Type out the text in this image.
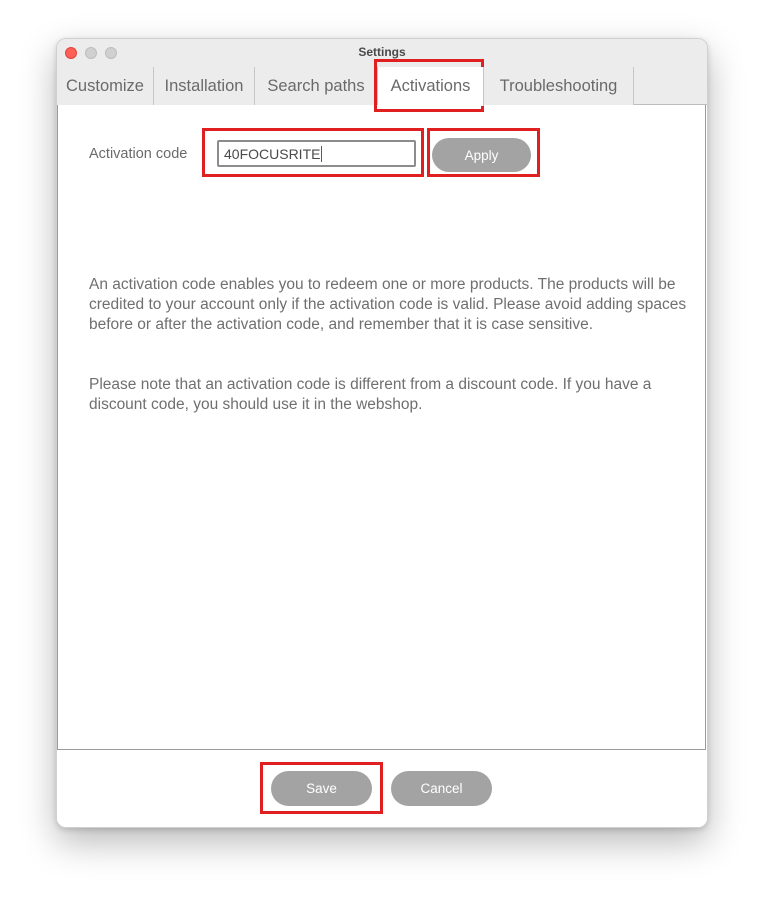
Settings
Customize	Installation	Search paths	Activations	Troubleshooting
Activation code
An activation code enables you to redeem one or more products. The products will be credited to your account only if the activation code is valid. Please avoid adding spaces before or after the activation code, and remember that it is case sensitive.
Please note that an activation code is different from a discount code. If you have a discount code, you should use it in the webshop.
40FOCUSRITE	Apply
Save	Cancel
